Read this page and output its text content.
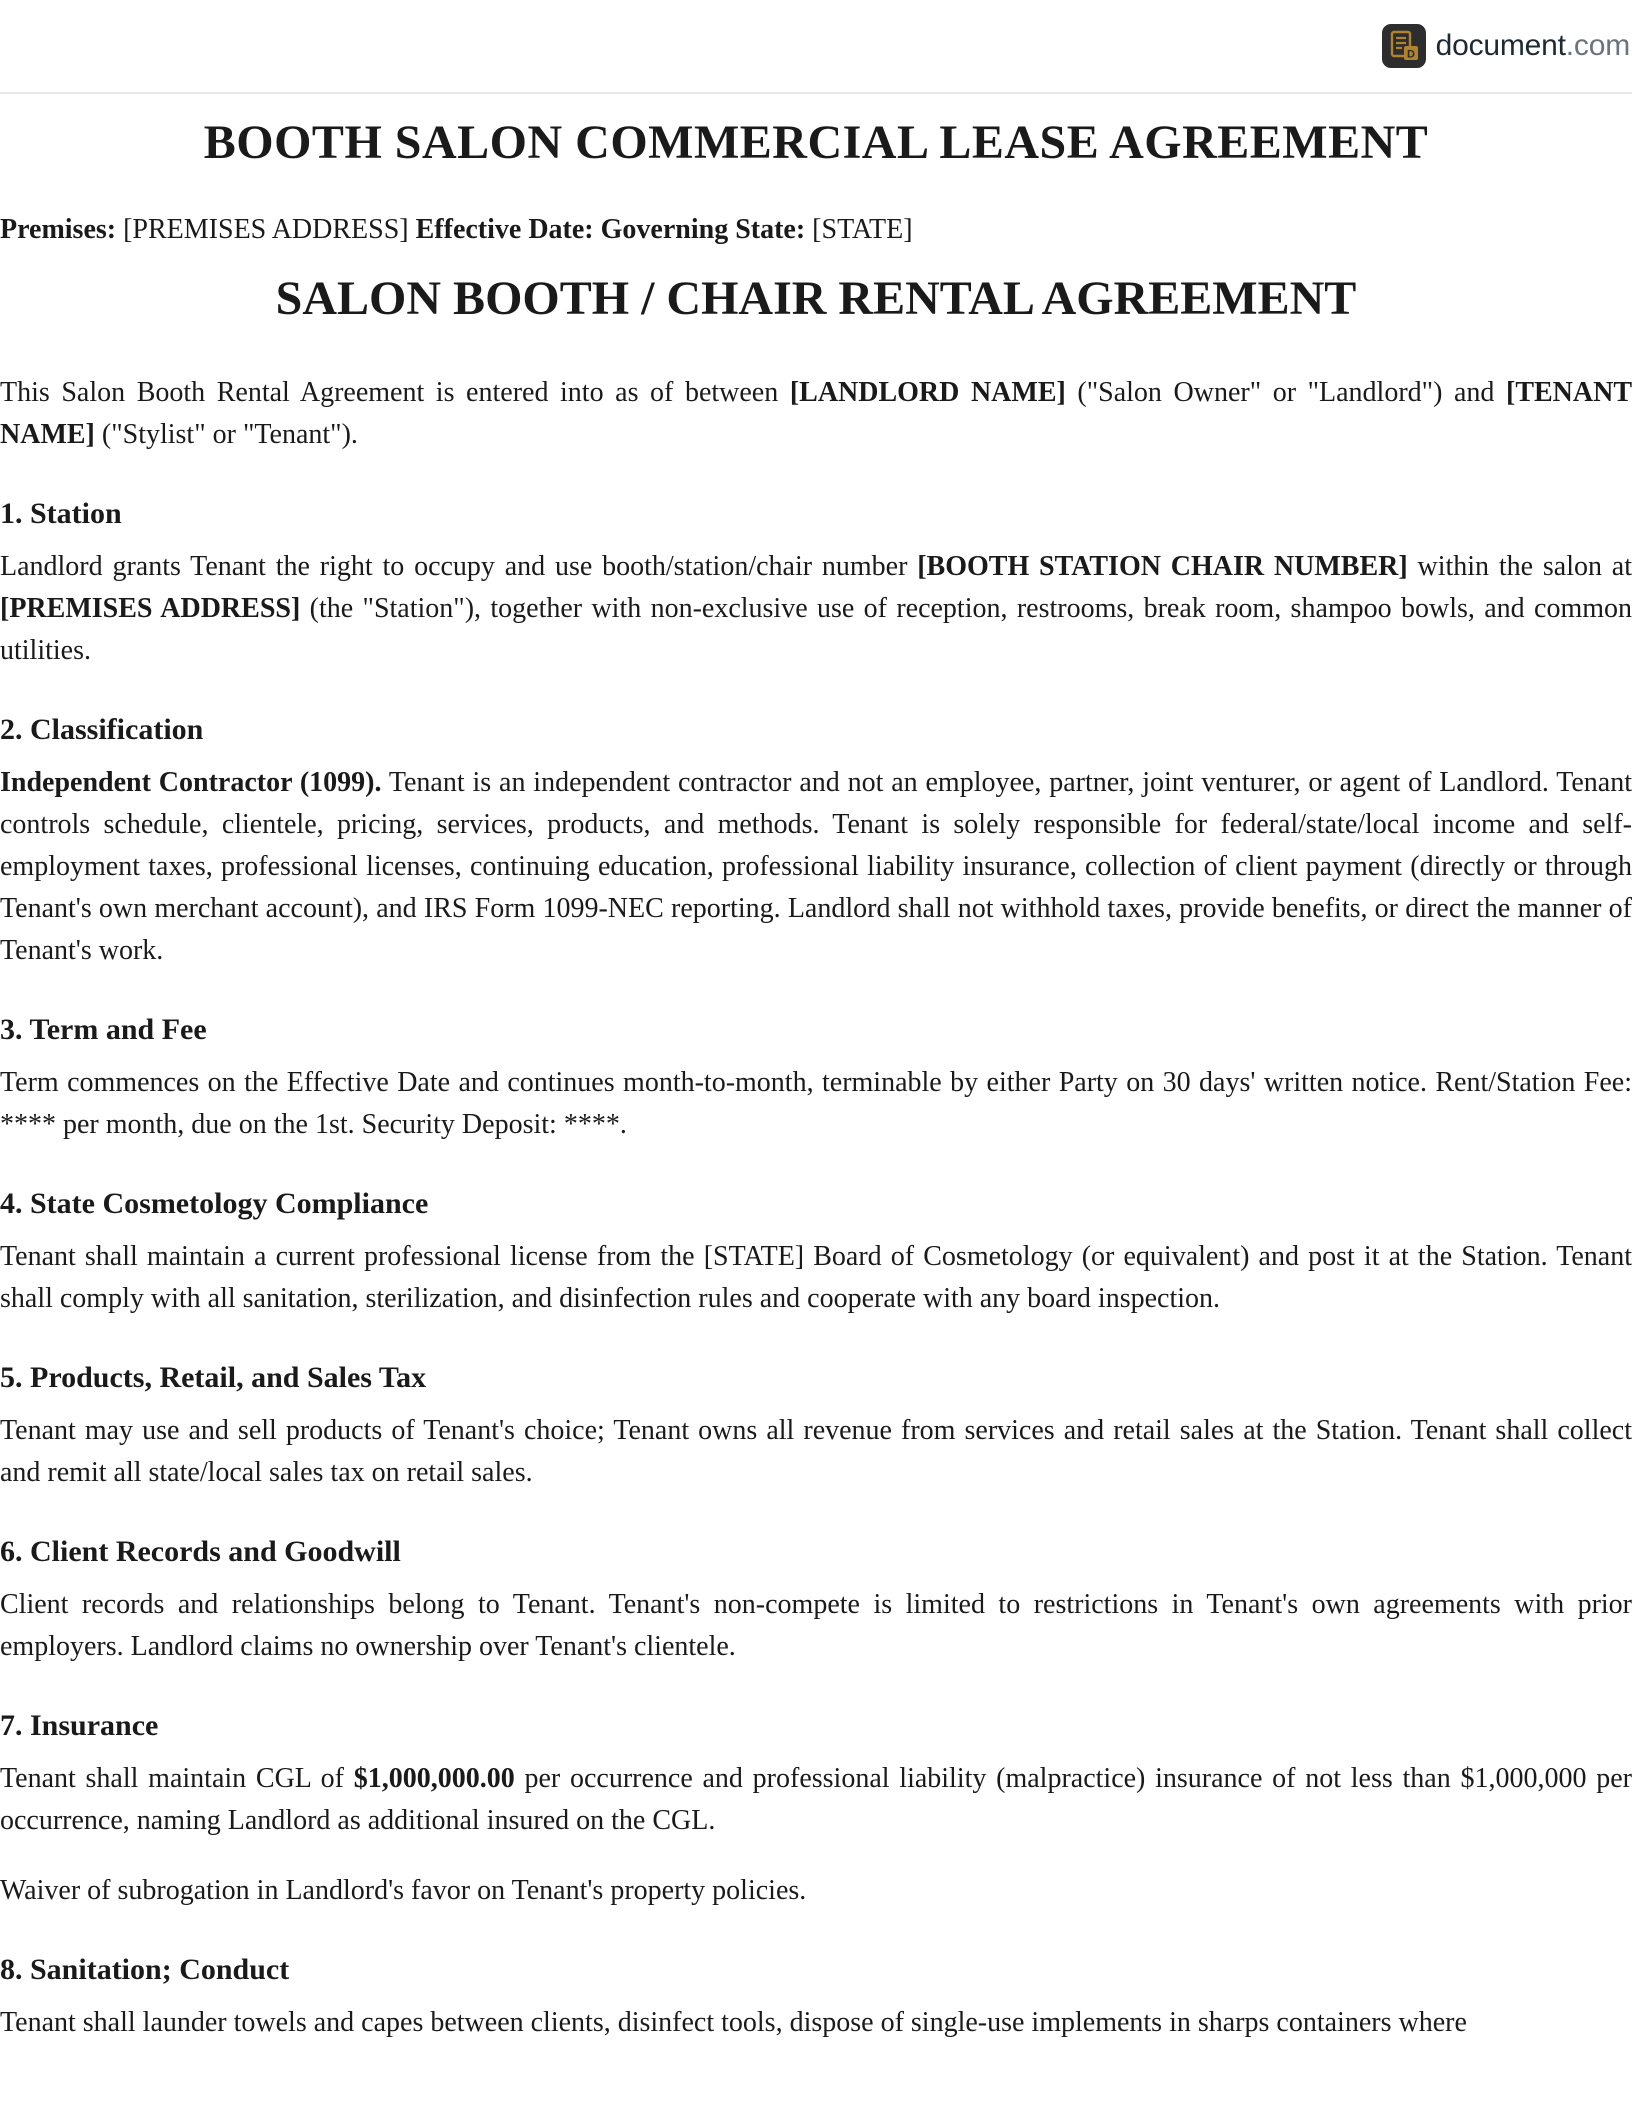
D document.com
BOOTH SALON COMMERCIAL LEASE AGREEMENT
Premises: [PREMISES ADDRESS] Effective Date: Governing State: [STATE]
SALON BOOTH / CHAIR RENTAL AGREEMENT

This Salon Booth Rental Agreement is entered into as of between [LANDLORD NAME] ("Salon Owner" or "Landlord") and [TENANT NAME] ("Stylist" or "Tenant").

1. Station

Landlord grants Tenant the right to occupy and use booth/station/chair number [BOOTH STATION CHAIR NUMBER] within the salon at [PREMISES ADDRESS] (the "Station"), together with non-exclusive use of reception, restrooms, break room, shampoo bowls, and common utilities.

2. Classification

Independent Contractor (1099). Tenant is an independent contractor and not an employee, partner, joint venturer, or agent of Landlord. Tenant controls schedule, clientele, pricing, services, products, and methods. Tenant is solely responsible for federal/state/local income and self-employment taxes, professional licenses, continuing education, professional liability insurance, collection of client payment (directly or through Tenant's own merchant account), and IRS Form 1099-NEC reporting. Landlord shall not withhold taxes, provide benefits, or direct the manner of Tenant's work.

3. Term and Fee

Term commences on the Effective Date and continues month-to-month, terminable by either Party on 30 days' written notice. Rent/Station Fee: **** per month, due on the 1st. Security Deposit: ****.

4. State Cosmetology Compliance

Tenant shall maintain a current professional license from the [STATE] Board of Cosmetology (or equivalent) and post it at the Station. Tenant shall comply with all sanitation, sterilization, and disinfection rules and cooperate with any board inspection.

5. Products, Retail, and Sales Tax

Tenant may use and sell products of Tenant's choice; Tenant owns all revenue from services and retail sales at the Station. Tenant shall collect and remit all state/local sales tax on retail sales.

6. Client Records and Goodwill

Client records and relationships belong to Tenant. Tenant's non-compete is limited to restrictions in Tenant's own agreements with prior employers. Landlord claims no ownership over Tenant's clientele.

7. Insurance

Tenant shall maintain CGL of $1,000,000.00 per occurrence and professional liability (malpractice) insurance of not less than $1,000,000 per occurrence, naming Landlord as additional insured on the CGL.

Waiver of subrogation in Landlord's favor on Tenant's property policies.

8. Sanitation; Conduct

Tenant shall launder towels and capes between clients, disinfect tools, dispose of single-use implements in sharps containers where
